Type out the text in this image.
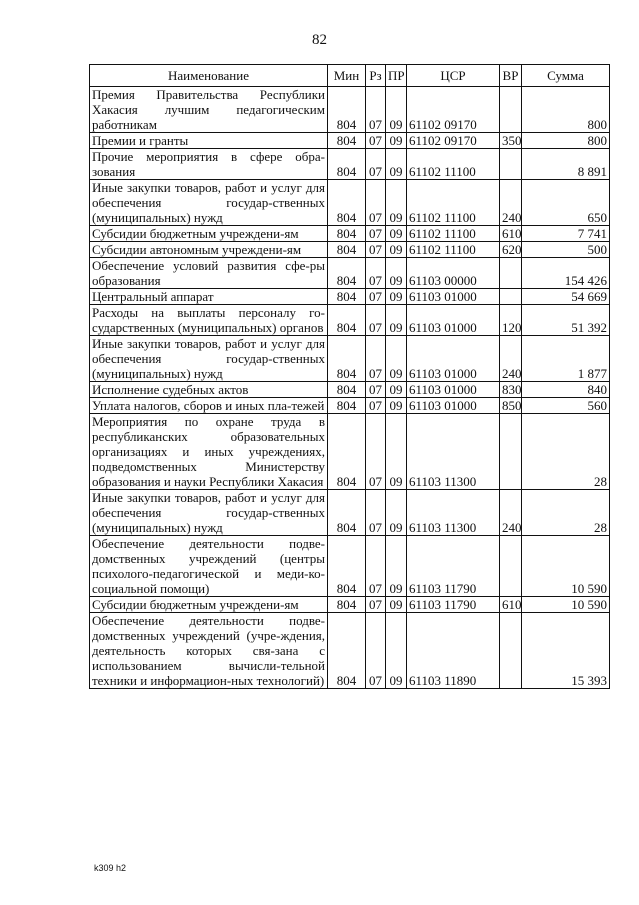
82
Наименование	Мин	Рз	ПР	ЦСР	ВР	Сумма
Премия Правительства Республики Хакасия лучшим педагогическим работникам	804	07	09	61102 09170		800
Премии и гранты	804	07	09	61102 09170	350	800
Прочие мероприятия в сфере обра-зования	804	07	09	61102 11100		8 891
Иные закупки товаров, работ и услуг для обеспечения государ-ственных (муниципальных) нужд	804	07	09	61102 11100	240	650
Субсидии бюджетным учреждени-ям	804	07	09	61102 11100	610	7 741
Субсидии автономным учреждени-ям	804	07	09	61102 11100	620	500
Обеспечение условий развития сфе-ры образования	804	07	09	61103 00000		154 426
Центральный аппарат	804	07	09	61103 01000		54 669
Расходы на выплаты персоналу го-сударственных (муниципальных) органов	804	07	09	61103 01000	120	51 392
Иные закупки товаров, работ и услуг для обеспечения государ-ственных (муниципальных) нужд	804	07	09	61103 01000	240	1 877
Исполнение судебных актов	804	07	09	61103 01000	830	840
Уплата налогов, сборов и иных пла-тежей	804	07	09	61103 01000	850	560
Мероприятия по охране труда в республиканских образовательных организациях и иных учреждениях, подведомственных Министерству образования и науки Республики Хакасия	804	07	09	61103 11300		28
Иные закупки товаров, работ и услуг для обеспечения государ-ственных (муниципальных) нужд	804	07	09	61103 11300	240	28
Обеспечение деятельности подве-домственных учреждений (центры психолого-педагогической и меди-ко-социальной помощи)	804	07	09	61103 11790		10 590
Субсидии бюджетным учреждени-ям	804	07	09	61103 11790	610	10 590
Обеспечение деятельности подве-домственных учреждений (учре-ждения, деятельность которых свя-зана с использованием вычисли-тельной техники и информацион-ных технологий)	804	07	09	61103 11890		15 393
k309 h2
